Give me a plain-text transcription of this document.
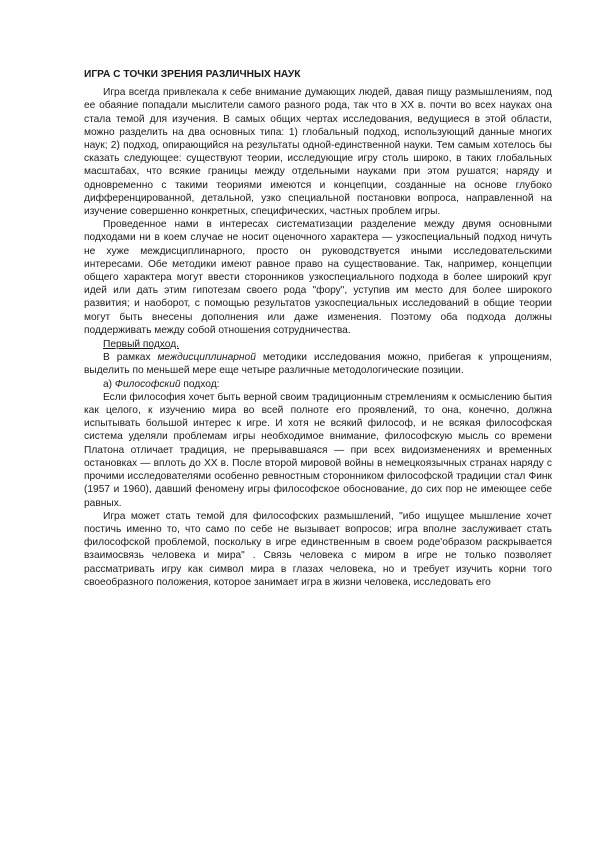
ИГРА С ТОЧКИ ЗРЕНИЯ РАЗЛИЧНЫХ НАУК

Игра всегда привлекала к себе внимание думающих людей, давая пищу размышлениям, под ее обаяние попадали мыслители самого разного рода, так что в XX в. почти во всех науках она стала темой для изучения. В самых общих чертах исследования, ведущиеся в этой области, можно разделить на два основных типа: 1) глобальный подход, использующий данные многих наук; 2) подход, опирающийся на результаты одной-единственной науки. Тем самым хотелось бы сказать следующее: существуют теории, исследующие игру столь широко, в таких глобальных масштабах, что всякие границы между отдельными науками при этом рушатся; наряду и одновременно с такими теориями имеются и концепции, созданные на основе глубоко дифференцированной, детальной, узко специальной постановки вопроса, направленной на изучение совершенно конкретных, специфических, частных проблем игры.

Проведенное нами в интересах систематизации разделение между двумя основными подходами ни в коем случае не носит оценочного характера — узкоспециальный подход ничуть не хуже междисциплинарного, просто он руководствуется иными исследовательскими интересами. Обе методики имеют равное право на существование. Так, например, концепции общего характера могут ввести сторонников узкоспециального подхода в более широкий круг идей или дать этим гипотезам своего рода "фору", уступив им место для более широкого развития; и наоборот, с помощью результатов узкоспециальных исследований в общие теории могут быть внесены дополнения или даже изменения. Поэтому оба подхода должны поддерживать между собой отношения сотрудничества.

Первый подход.

В рамках междисциплинарной методики исследования можно, прибегая к упрощениям, выделить по меньшей мере еще четыре различные методологические позиции.

а) Философский подход:

Если философия хочет быть верной своим традиционным стремлениям к осмыслению бытия как целого, к изучению мира во всей полноте его проявлений, то она, конечно, должна испытывать большой интерес к игре. И хотя не всякий философ, и не всякая философская система уделяли проблемам игры необходимое внимание, философскую мысль со времени Платона отличает традиция, не прерывавшаяся — при всех видоизменениях и временных остановках — вплоть до XX в. После второй мировой войны в немецкоязычных странах наряду с прочими исследователями особенно ревностным сторонником философской традиции стал Финк (1957 и 1960), давший феномену игры философское обоснование, до сих пор не имеющее себе равных.

Игра может стать темой для философских размышлений, "ибо ищущее мышление хочет постичь именно то, что само по себе не вызывает вопросов; игра вполне заслуживает стать философской проблемой, поскольку в игре единственным в своем роде'образом раскрывается взаимосвязь человека и мира" . Связь человека с миром в игре не только позволяет рассматривать игру как символ мира в глазах человека, но и требует изучить корни того своеобразного положения, которое занимает игра в жизни человека, исследовать его
